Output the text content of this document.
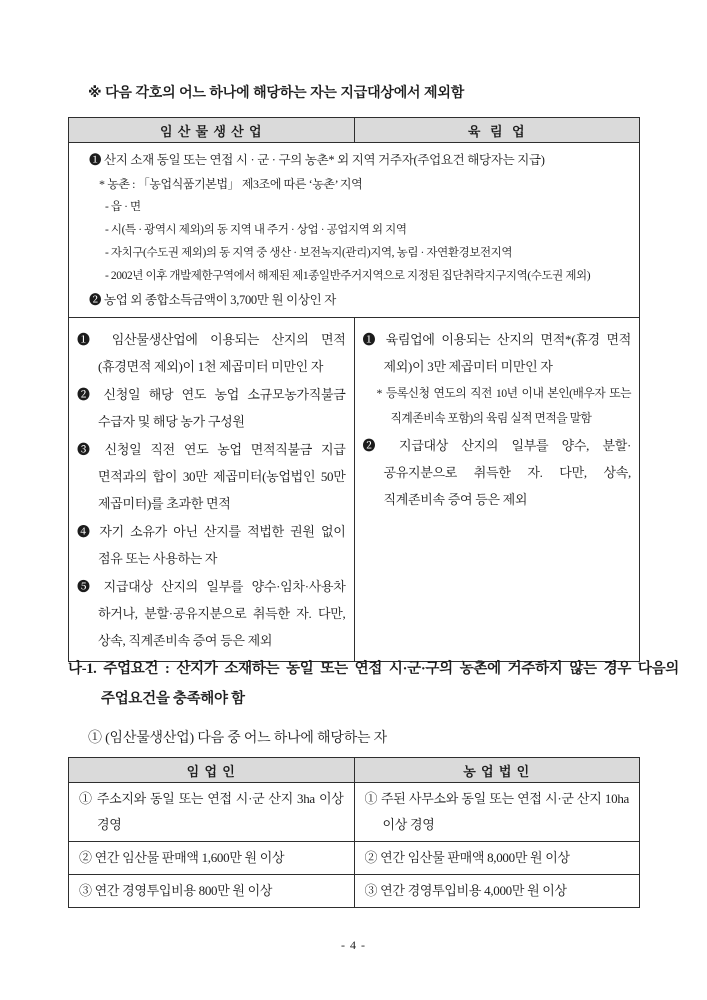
※ 다음 각호의 어느 하나에 해당하는 자는 지급대상에서 제외함
임 산 물 생 산 업	육  림  업

❶ 산지 소재 동일 또는 연접 시 · 군 · 구의 농촌* 외 지역 거주자(주업요건 해당자는 지급)
* 농촌 : 「농업식품기본법」 제3조에 따른 ‘농촌’ 지역
- 읍 · 면
- 시(특 · 광역시 제외)의 동 지역 내 주거 · 상업 · 공업지역 외 지역
- 자치구(수도권 제외)의 동 지역 중 생산 · 보전녹지(관리)지역, 농림 · 자연환경보전지역
- 2002년 이후 개발제한구역에서 해제된 제1종일반주거지역으로 지정된 집단취락지구지역(수도권 제외)
❷ 농업 외 종합소득금액이 3,700만 원 이상인 자

❶ 임산물생산업에 이용되는 산지의 면적(휴경면적 제외)이 1천 제곱미터 미만인 자
❷ 신청일 해당 연도 농업 소규모농가직불금 수급자 및 해당 농가 구성원
❸ 신청일 직전 연도 농업 면적직불금 지급 면적과의 합이 30만 제곱미터(농업법인 50만 제곱미터)를 초과한 면적
❹ 자기 소유가 아닌 산지를 적법한 권원 없이 점유 또는 사용하는 자
❺ 지급대상 산지의 일부를 양수·임차·사용차 하거나, 분할·공유지분으로 취득한 자. 다만, 상속, 직계존비속 증여 등은 제외

❶ 육림업에 이용되는 산지의 면적*(휴경 면적 제외)이 3만 제곱미터 미만인 자
* 등록신청 연도의 직전 10년 이내 본인(배우자 또는 직계존비속 포함)의 육림 실적 면적을 말함
❷ 지급대상 산지의 일부를 양수, 분할·공유지분으로 취득한 자. 다만, 상속, 직계존비속 증여 등은 제외
나-1. 주업요건 : 산지가 소재하는 동일 또는 연접 시·군·구의 농촌에 거주하지 않는 경우 다음의 주업요건을 충족해야 함
① (임산물생산업) 다음 중 어느 하나에 해당하는 자
임 업 인	농 업 법 인
① 주소지와 동일 또는 연접 시·군 산지 3ha 이상 경영	① 주된 사무소와 동일 또는 연접 시·군 산지 10ha 이상 경영
② 연간 임산물 판매액 1,600만 원 이상	② 연간 임산물 판매액 8,000만 원 이상
③ 연간 경영투입비용 800만 원 이상	③ 연간 경영투입비용 4,000만 원 이상
- 4 -
